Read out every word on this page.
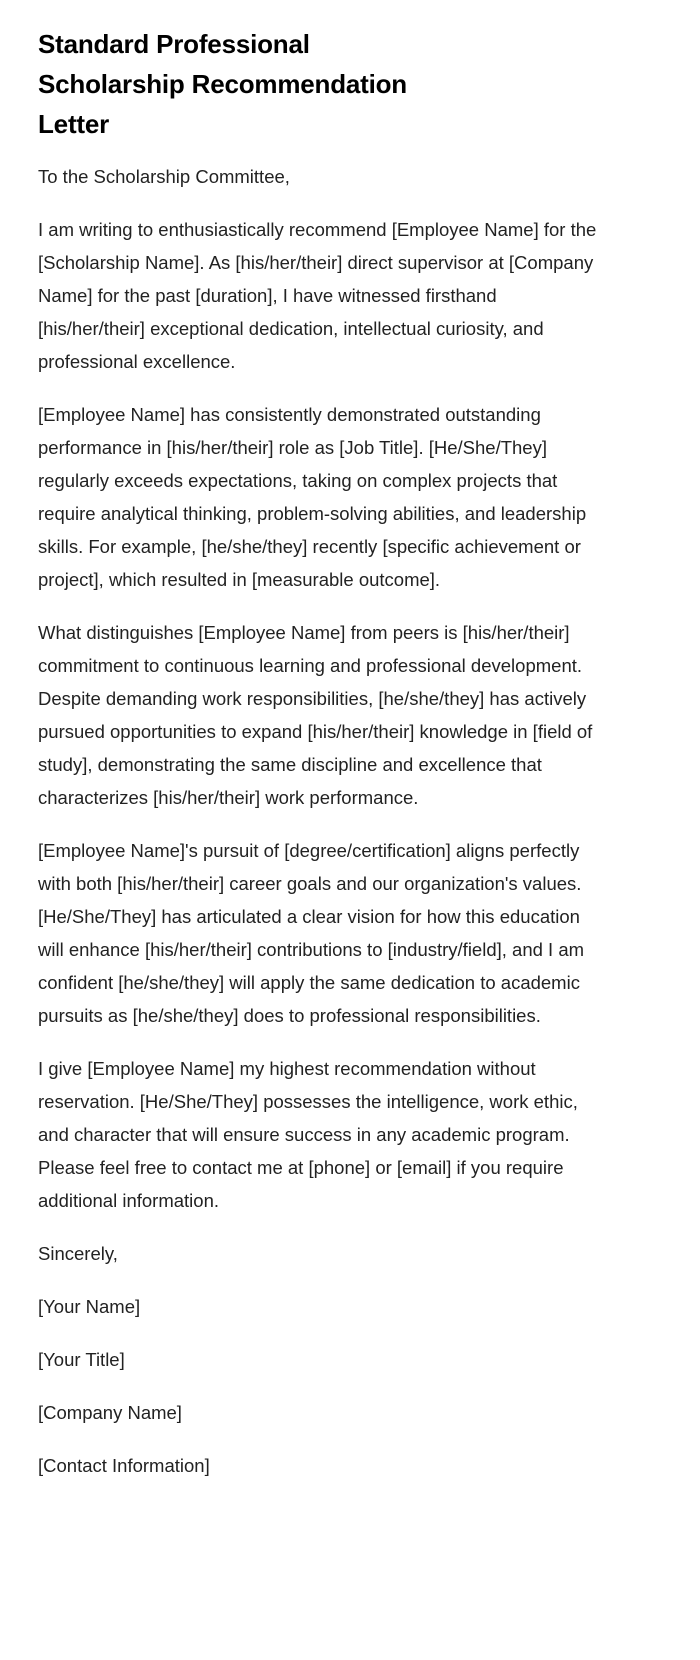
Standard Professional Scholarship Recommendation Letter

To the Scholarship Committee,

I am writing to enthusiastically recommend [Employee Name] for the [Scholarship Name]. As [his/her/their] direct supervisor at [Company Name] for the past [duration], I have witnessed firsthand [his/her/their] exceptional dedication, intellectual curiosity, and professional excellence.

[Employee Name] has consistently demonstrated outstanding performance in [his/her/their] role as [Job Title]. [He/She/They] regularly exceeds expectations, taking on complex projects that require analytical thinking, problem-solving abilities, and leadership skills. For example, [he/she/they] recently [specific achievement or project], which resulted in [measurable outcome].

What distinguishes [Employee Name] from peers is [his/her/their] commitment to continuous learning and professional development. Despite demanding work responsibilities, [he/she/they] has actively pursued opportunities to expand [his/her/their] knowledge in [field of study], demonstrating the same discipline and excellence that characterizes [his/her/their] work performance.

[Employee Name]'s pursuit of [degree/certification] aligns perfectly with both [his/her/their] career goals and our organization's values. [He/She/They] has articulated a clear vision for how this education will enhance [his/her/their] contributions to [industry/field], and I am confident [he/she/they] will apply the same dedication to academic pursuits as [he/she/they] does to professional responsibilities.

I give [Employee Name] my highest recommendation without reservation. [He/She/They] possesses the intelligence, work ethic, and character that will ensure success in any academic program. Please feel free to contact me at [phone] or [email] if you require additional information.

Sincerely,

[Your Name]

[Your Title]

[Company Name]

[Contact Information]
